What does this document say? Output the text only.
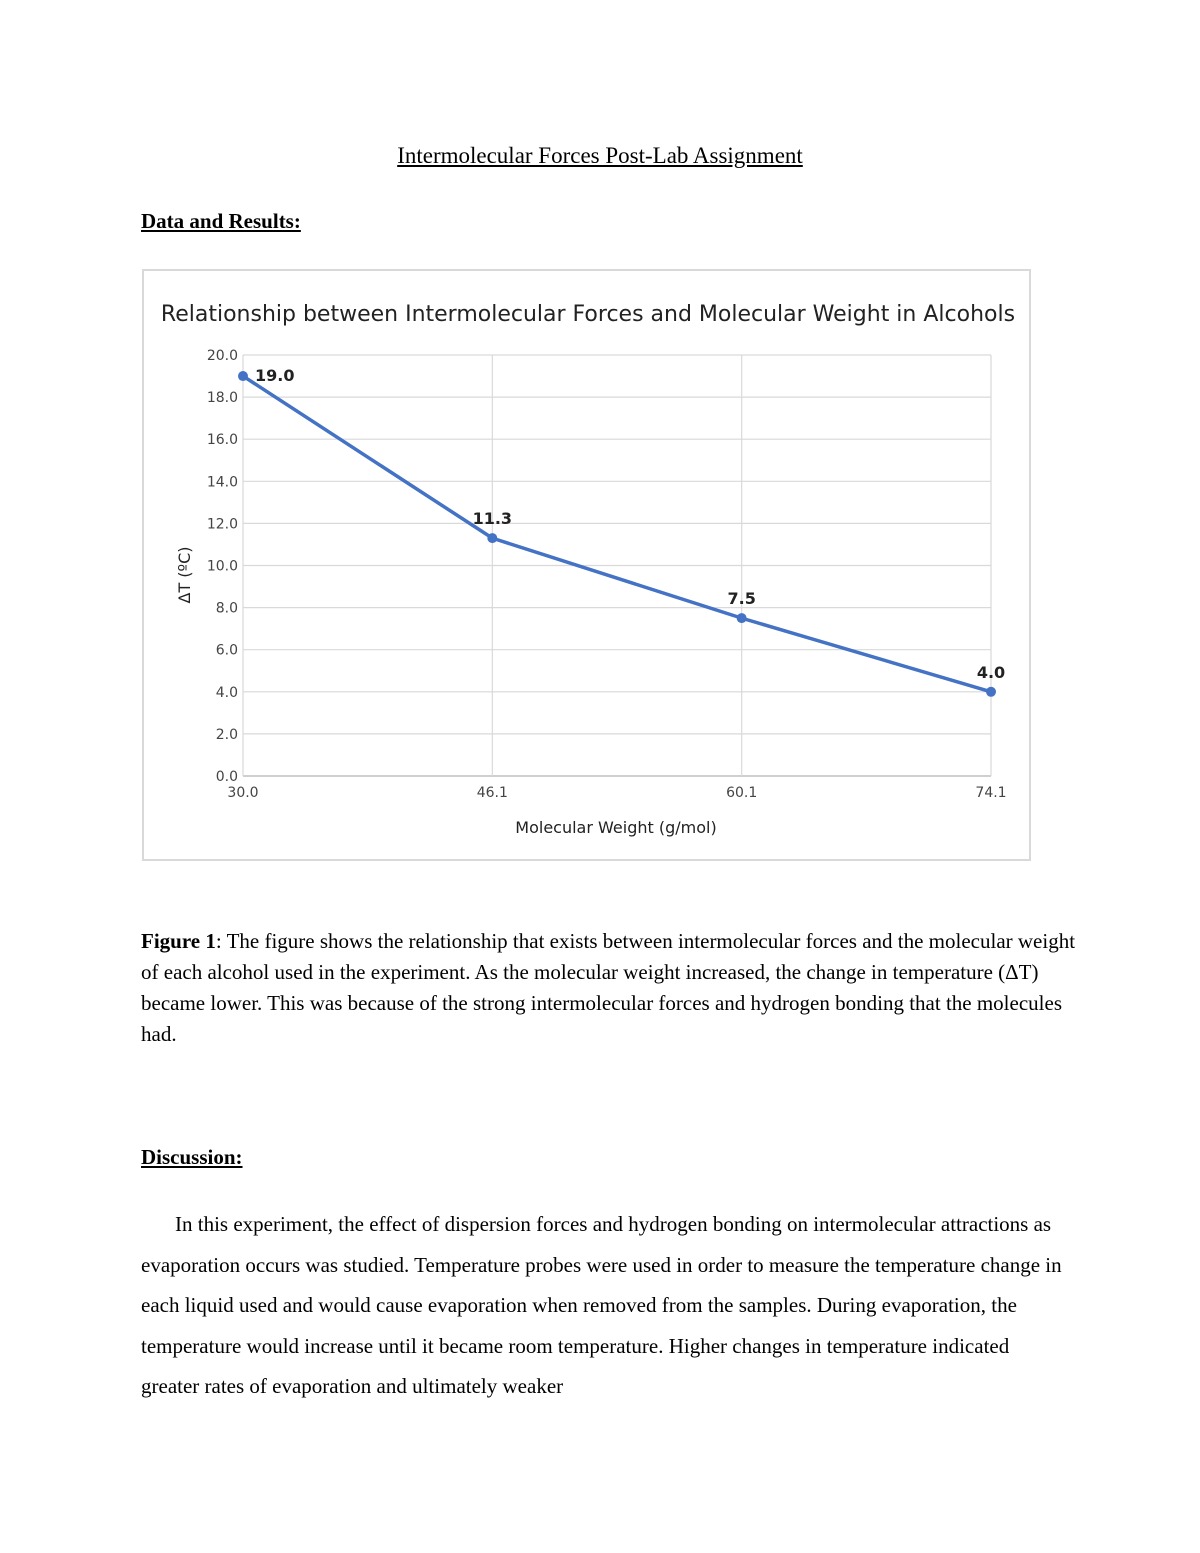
Intermolecular Forces Post-Lab Assignment
Data and Results:
Relationship between Intermolecular Forces and Molecular Weight in Alcohols
0.0
2.0
4.0
6.0
8.0
10.0
12.0
14.0
16.0
18.0
20.0
30.0	46.1	60.1	74.1
19.0
11.3
7.5
4.0
Molecular Weight (g/mol)
ΔT (ºC)
Figure 1: The figure shows the relationship that exists between intermolecular forces and the molecular weight of each alcohol used in the experiment. As the molecular weight increased, the change in temperature (ΔT) became lower. This was because of the strong intermolecular forces and hydrogen bonding that the molecules had.
Discussion:

In this experiment, the effect of dispersion forces and hydrogen bonding on intermolecular attractions as evaporation occurs was studied. Temperature probes were used in order to measure the temperature change in each liquid used and would cause evaporation when removed from the samples. During evaporation, the temperature would increase until it became room temperature. Higher changes in temperature indicated greater rates of evaporation and ultimately weaker
